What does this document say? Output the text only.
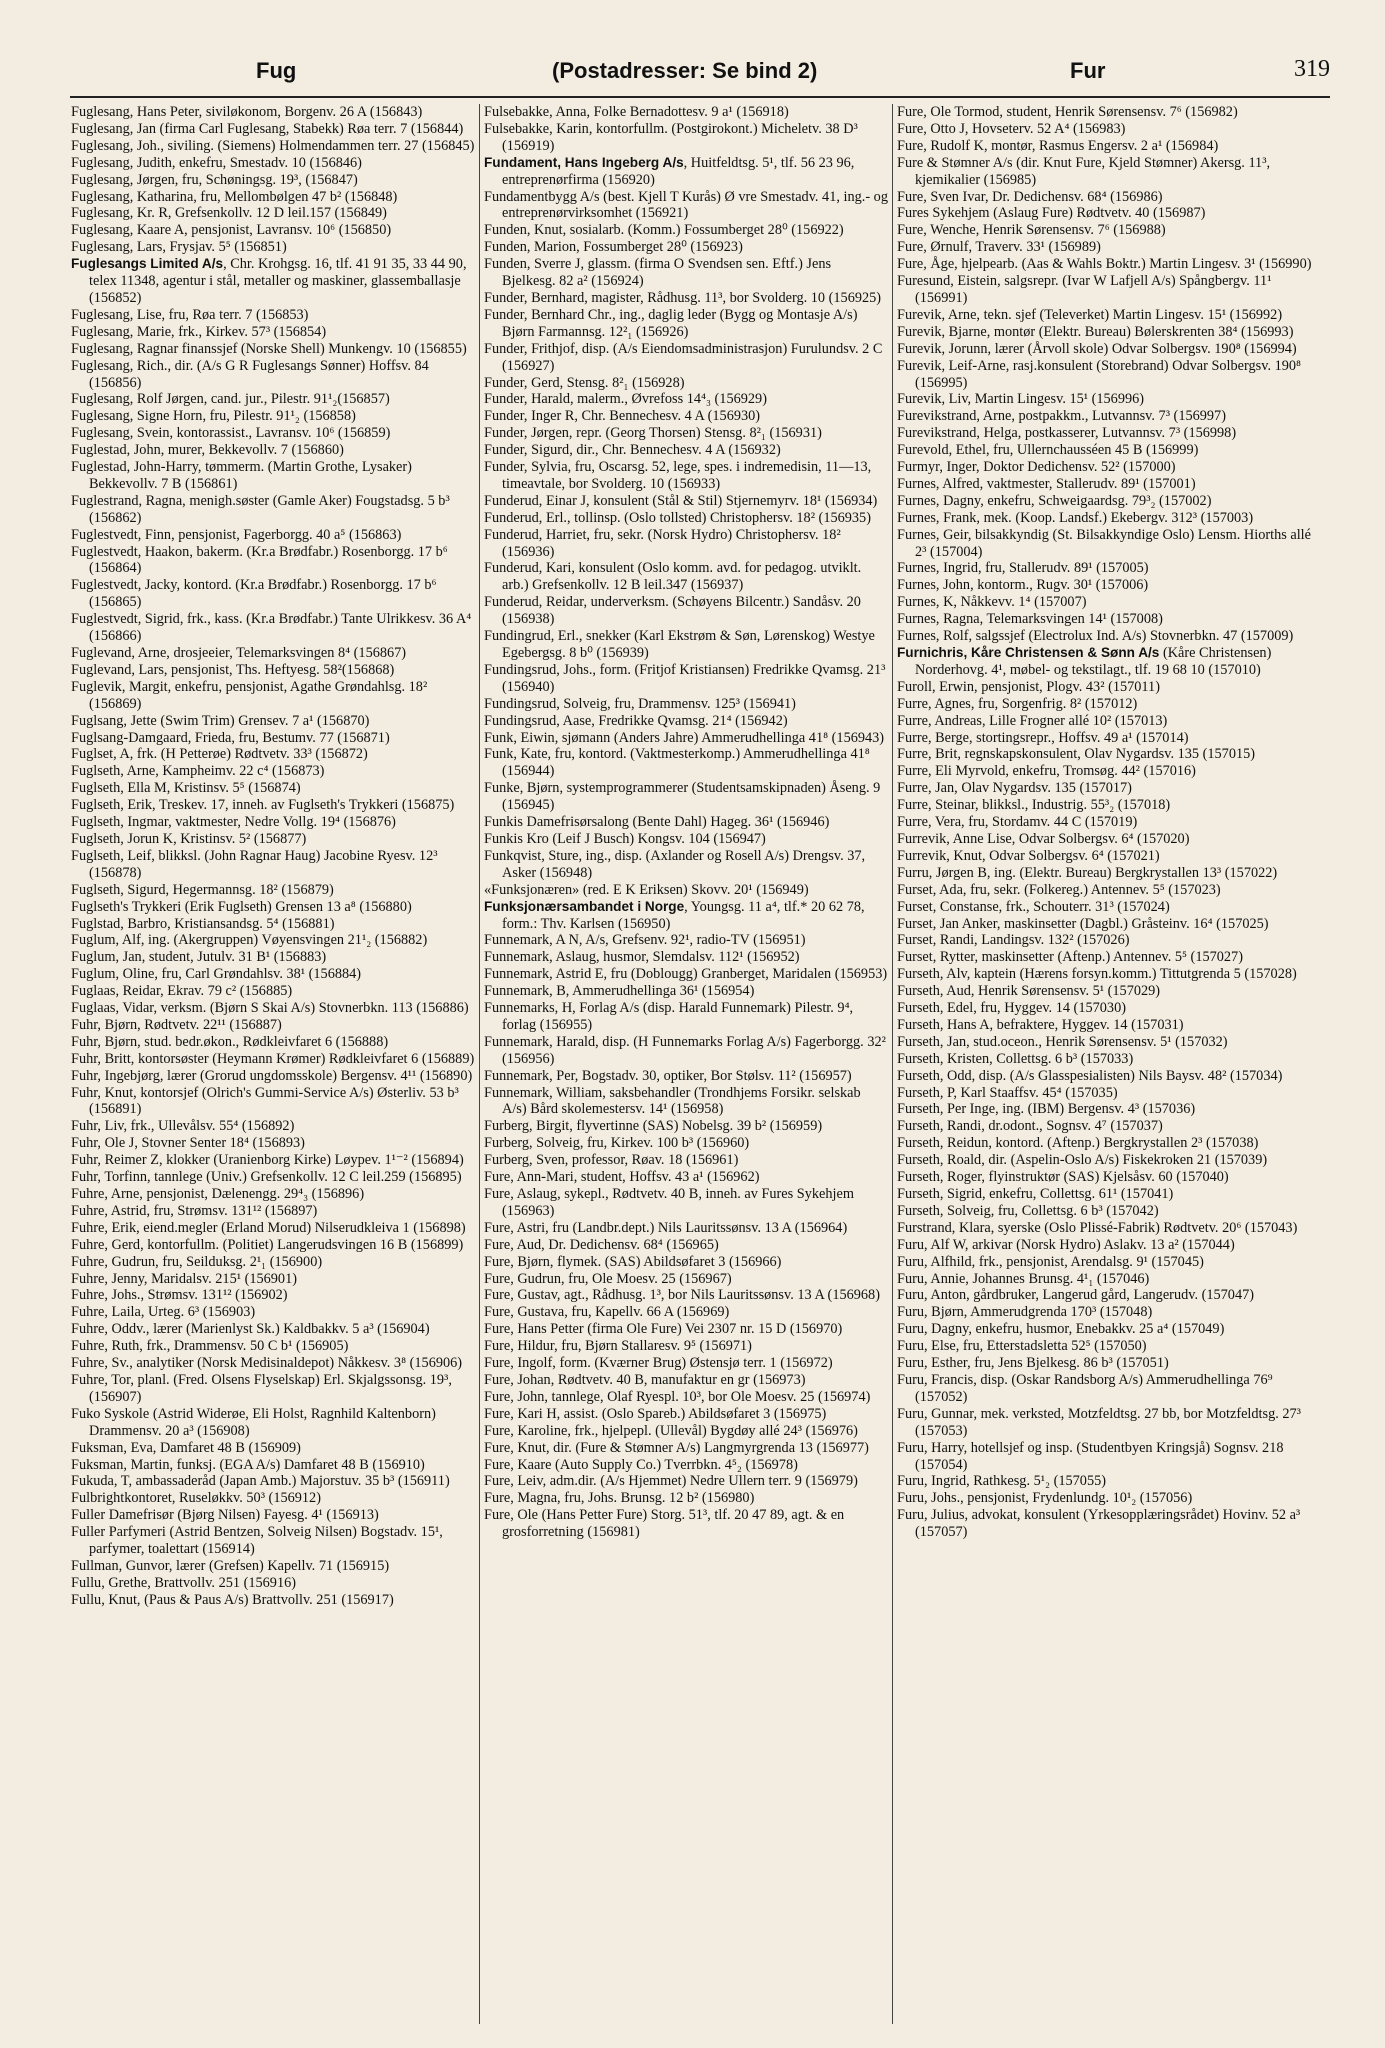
Fug	(Postadresser: Se bind 2)	Fur	319

Fuglesang, Hans Peter, siviløkonom, Borgenv. 26 A (156843)

Fuglesang, Jan (firma Carl Fuglesang, Stabekk) Røa terr. 7 (156844)

Fuglesang, Joh., siviling. (Siemens) Holmendammen terr. 27 (156845)

Fuglesang, Judith, enkefru, Smestadv. 10 (156846)

Fuglesang, Jørgen, fru, Schøningsg. 19³, (156847)

Fuglesang, Katharina, fru, Mellombølgen 47 b² (156848)

Fuglesang, Kr. R, Grefsenkollv. 12 D leil.157 (156849)

Fuglesang, Kaare A, pensjonist, Lavransv. 10⁶ (156850)

Fuglesang, Lars, Frysjav. 5⁵ (156851)

Fuglesangs Limited A/s, Chr. Krohgsg. 16, tlf. 41 91 35, 33 44 90, telex 11348, agentur i stål, metaller og maskiner, glassemballasje (156852)

Fuglesang, Lise, fru, Røa terr. 7 (156853)

Fuglesang, Marie, frk., Kirkev. 57³ (156854)

Fuglesang, Ragnar finanssjef (Norske Shell) Munkengv. 10 (156855)

Fuglesang, Rich., dir. (A/s G R Fuglesangs Sønner) Hoffsv. 84 (156856)

Fuglesang, Rolf Jørgen, cand. jur., Pilestr. 91¹₂(156857)

Fuglesang, Signe Horn, fru, Pilestr. 91¹₂ (156858)

Fuglesang, Svein, kontorassist., Lavransv. 10⁶ (156859)

Fuglestad, John, murer, Bekkevollv. 7 (156860)

Fuglestad, John-Harry, tømmerm. (Martin Grothe, Lysaker) Bekkevollv. 7 B (156861)

Fuglestrand, Ragna, menigh.søster (Gamle Aker) Fougstadsg. 5 b³ (156862)

Fuglestvedt, Finn, pensjonist, Fagerborgg. 40 a⁵ (156863)

Fuglestvedt, Haakon, bakerm. (Kr.a Brødfabr.) Rosenborgg. 17 b⁶ (156864)

Fuglestvedt, Jacky, kontord. (Kr.a Brødfabr.) Rosenborgg. 17 b⁶ (156865)

Fuglestvedt, Sigrid, frk., kass. (Kr.a Brødfabr.) Tante Ulrikkesv. 36 A⁴ (156866)

Fuglevand, Arne, drosjeeier, Telemarksvingen 8⁴ (156867)

Fuglevand, Lars, pensjonist, Ths. Heftyesg. 58²(156868)

Fuglevik, Margit, enkefru, pensjonist, Agathe Grøndahlsg. 18² (156869)

Fuglsang, Jette (Swim Trim) Grensev. 7 a¹ (156870)

Fuglsang-Damgaard, Frieda, fru, Bestumv. 77 (156871)

Fuglset, A, frk. (H Petterøe) Rødtvetv. 33³ (156872)

Fuglseth, Arne, Kampheimv. 22 c⁴ (156873)

Fuglseth, Ella M, Kristinsv. 5⁵ (156874)

Fuglseth, Erik, Treskev. 17, inneh. av Fuglseth's Trykkeri (156875)

Fuglseth, Ingmar, vaktmester, Nedre Vollg. 19⁴ (156876)

Fuglseth, Jorun K, Kristinsv. 5² (156877)

Fuglseth, Leif, blikksl. (John Ragnar Haug) Jacobine Ryesv. 12³ (156878)

Fuglseth, Sigurd, Hegermannsg. 18² (156879)

Fuglseth's Trykkeri (Erik Fuglseth) Grensen 13 a⁸ (156880)

Fuglstad, Barbro, Kristiansandsg. 5⁴ (156881)

Fuglum, Alf, ing. (Akergruppen) Vøyensvingen 21¹₂ (156882)

Fuglum, Jan, student, Jutulv. 31 B¹ (156883)

Fuglum, Oline, fru, Carl Grøndahlsv. 38¹ (156884)

Fuglaas, Reidar, Ekrav. 79 c² (156885)

Fuglaas, Vidar, verksm. (Bjørn S Skai A/s) Stovnerbkn. 113 (156886)

Fuhr, Bjørn, Rødtvetv. 22¹¹ (156887)

Fuhr, Bjørn, stud. bedr.økon., Rødkleivfaret 6 (156888)

Fuhr, Britt, kontorsøster (Heymann Krømer) Rødkleivfaret 6 (156889)

Fuhr, Ingebjørg, lærer (Grorud ungdomsskole) Bergensv. 4¹¹ (156890)

Fuhr, Knut, kontorsjef (Olrich's Gummi-Service A/s) Østerliv. 53 b³ (156891)

Fuhr, Liv, frk., Ullevålsv. 55⁴ (156892)

Fuhr, Ole J, Stovner Senter 18⁴ (156893)

Fuhr, Reimer Z, klokker (Uranienborg Kirke) Løypev. 1¹⁻² (156894)

Fuhr, Torfinn, tannlege (Univ.) Grefsenkollv. 12 C leil.259 (156895)

Fuhre, Arne, pensjonist, Dælenengg. 29⁴₃ (156896)

Fuhre, Astrid, fru, Strømsv. 131¹² (156897)

Fuhre, Erik, eiend.megler (Erland Morud) Nilserudkleiva 1 (156898)

Fuhre, Gerd, kontorfullm. (Politiet) Langerudsvingen 16 B (156899)

Fuhre, Gudrun, fru, Seilduksg. 2¹₁ (156900)

Fuhre, Jenny, Maridalsv. 215¹ (156901)

Fuhre, Johs., Strømsv. 131¹² (156902)

Fuhre, Laila, Urteg. 6³ (156903)

Fuhre, Oddv., lærer (Marienlyst Sk.) Kaldbakkv. 5 a³ (156904)

Fuhre, Ruth, frk., Drammensv. 50 C b¹ (156905)

Fuhre, Sv., analytiker (Norsk Medisinaldepot) Nåkkesv. 3⁸ (156906)

Fuhre, Tor, planl. (Fred. Olsens Flyselskap) Erl. Skjalgssonsg. 19³, (156907)

Fuko Syskole (Astrid Widerøe, Eli Holst, Ragnhild Kaltenborn) Drammensv. 20 a³ (156908)

Fuksman, Eva, Damfaret 48 B (156909)

Fuksman, Martin, funksj. (EGA A/s) Damfaret 48 B (156910)

Fukuda, T, ambassaderåd (Japan Amb.) Majorstuv. 35 b³ (156911)

Fulbrightkontoret, Ruseløkkv. 50³ (156912)

Fuller Damefrisør (Bjørg Nilsen) Fayesg. 4¹ (156913)

Fuller Parfymeri (Astrid Bentzen, Solveig Nilsen) Bogstadv. 15¹, parfymer, toalettart (156914)

Fullman, Gunvor, lærer (Grefsen) Kapellv. 71 (156915)

Fullu, Grethe, Brattvollv. 251 (156916)

Fullu, Knut, (Paus & Paus A/s) Brattvollv. 251 (156917)

Fulsebakke, Anna, Folke Bernadottesv. 9 a¹ (156918)

Fulsebakke, Karin, kontorfullm. (Postgirokont.) Micheletv. 38 D³ (156919)

Fundament, Hans Ingeberg A/s, Huitfeldtsg. 5¹, tlf. 56 23 96, entreprenørfirma (156920)

Fundamentbygg A/s (best. Kjell T Kurås) Ø vre Smestadv. 41, ing.- og entreprenørvirksomhet (156921)

Funden, Knut, sosialarb. (Komm.) Fossumberget 28⁰ (156922)

Funden, Marion, Fossumberget 28⁰ (156923)

Funden, Sverre J, glassm. (firma O Svendsen sen. Eftf.) Jens Bjelkesg. 82 a² (156924)

Funder, Bernhard, magister, Rådhusg. 11³, bor Svolderg. 10 (156925)

Funder, Bernhard Chr., ing., daglig leder (Bygg og Montasje A/s) Bjørn Farmannsg. 12²₁ (156926)

Funder, Frithjof, disp. (A/s Eiendomsadministrasjon) Furulundsv. 2 C (156927)

Funder, Gerd, Stensg. 8²₁ (156928)

Funder, Harald, malerm., Øvrefoss 14⁴₃ (156929)

Funder, Inger R, Chr. Bennechesv. 4 A (156930)

Funder, Jørgen, repr. (Georg Thorsen) Stensg. 8²₁ (156931)

Funder, Sigurd, dir., Chr. Bennechesv. 4 A (156932)

Funder, Sylvia, fru, Oscarsg. 52, lege, spes. i indremedisin, 11—13, timeavtale, bor Svolderg. 10 (156933)

Funderud, Einar J, konsulent (Stål & Stil) Stjernemyrv. 18¹ (156934)

Funderud, Erl., tollinsp. (Oslo tollsted) Christophersv. 18² (156935)

Funderud, Harriet, fru, sekr. (Norsk Hydro) Christophersv. 18² (156936)

Funderud, Kari, konsulent (Oslo komm. avd. for pedagog. utviklt. arb.) Grefsenkollv. 12 B leil.347 (156937)

Funderud, Reidar, underverksm. (Schøyens Bilcentr.) Sandåsv. 20 (156938)

Fundingrud, Erl., snekker (Karl Ekstrøm & Søn, Lørenskog) Westye Egebergsg. 8 b⁰ (156939)

Fundingsrud, Johs., form. (Fritjof Kristiansen) Fredrikke Qvamsg. 21³ (156940)

Fundingsrud, Solveig, fru, Drammensv. 125³ (156941)

Fundingsrud, Aase, Fredrikke Qvamsg. 21⁴ (156942)

Funk, Eiwin, sjømann (Anders Jahre) Ammerudhellinga 41⁸ (156943)

Funk, Kate, fru, kontord. (Vaktmesterkomp.) Ammerudhellinga 41⁸ (156944)

Funke, Bjørn, systemprogrammerer (Studentsamskipnaden) Åseng. 9 (156945)

Funkis Damefrisørsalong (Bente Dahl) Hageg. 36¹ (156946)

Funkis Kro (Leif J Busch) Kongsv. 104 (156947)

Funkqvist, Sture, ing., disp. (Axlander og Rosell A/s) Drengsv. 37, Asker (156948)

«Funksjonæren» (red. E K Eriksen) Skovv. 20¹ (156949)

Funksjonærsambandet i Norge, Youngsg. 11 a⁴, tlf.* 20 62 78, form.: Thv. Karlsen (156950)

Funnemark, A N, A/s, Grefsenv. 92¹, radio-TV (156951)

Funnemark, Aslaug, husmor, Slemdalsv. 112¹ (156952)

Funnemark, Astrid E, fru (Doblougg) Granberget, Maridalen (156953)

Funnemark, B, Ammerudhellinga 36¹ (156954)

Funnemarks, H, Forlag A/s (disp. Harald Funnemark) Pilestr. 9⁴, forlag (156955)

Funnemark, Harald, disp. (H Funnemarks Forlag A/s) Fagerborgg. 32² (156956)

Funnemark, Per, Bogstadv. 30, optiker, Bor Stølsv. 11² (156957)

Funnemark, William, saksbehandler (Trondhjems Forsikr. selskab A/s) Bård skolemestersv. 14¹ (156958)

Furberg, Birgit, flyvertinne (SAS) Nobelsg. 39 b² (156959)

Furberg, Solveig, fru, Kirkev. 100 b³ (156960)

Furberg, Sven, professor, Røav. 18 (156961)

Fure, Ann-Mari, student, Hoffsv. 43 a¹ (156962)

Fure, Aslaug, sykepl., Rødtvetv. 40 B, inneh. av Fures Sykehjem (156963)

Fure, Astri, fru (Landbr.dept.) Nils Lauritssønsv. 13 A (156964)

Fure, Aud, Dr. Dedichensv. 68⁴ (156965)

Fure, Bjørn, flymek. (SAS) Abildsøfaret 3 (156966)

Fure, Gudrun, fru, Ole Moesv. 25 (156967)

Fure, Gustav, agt., Rådhusg. 1³, bor Nils Lauritssønsv. 13 A (156968)

Fure, Gustava, fru, Kapellv. 66 A (156969)

Fure, Hans Petter (firma Ole Fure) Vei 2307 nr. 15 D (156970)

Fure, Hildur, fru, Bjørn Stallaresv. 9⁵ (156971)

Fure, Ingolf, form. (Kværner Brug) Østensjø terr. 1 (156972)

Fure, Johan, Rødtvetv. 40 B, manufaktur en gr (156973)

Fure, John, tannlege, Olaf Ryespl. 10³, bor Ole Moesv. 25 (156974)

Fure, Kari H, assist. (Oslo Spareb.) Abildsøfaret 3 (156975)

Fure, Karoline, frk., hjelpepl. (Ullevål) Bygdøy allé 24³ (156976)

Fure, Knut, dir. (Fure & Stømner A/s) Langmyrgrenda 13 (156977)

Fure, Kaare (Auto Supply Co.) Tverrbkn. 4⁵₂ (156978)

Fure, Leiv, adm.dir. (A/s Hjemmet) Nedre Ullern terr. 9 (156979)

Fure, Magna, fru, Johs. Brunsg. 12 b² (156980)

Fure, Ole (Hans Petter Fure) Storg. 51³, tlf. 20 47 89, agt. & en grosforretning (156981)

Fure, Ole Tormod, student, Henrik Sørensensv. 7⁶ (156982)

Fure, Otto J, Hovseterv. 52 A⁴ (156983)

Fure, Rudolf K, montør, Rasmus Engersv. 2 a¹ (156984)

Fure & Stømner A/s (dir. Knut Fure, Kjeld Stømner) Akersg. 11³, kjemikalier (156985)

Fure, Sven Ivar, Dr. Dedichensv. 68⁴ (156986)

Fures Sykehjem (Aslaug Fure) Rødtvetv. 40 (156987)

Fure, Wenche, Henrik Sørensensv. 7⁶ (156988)

Fure, Ørnulf, Traverv. 33¹ (156989)

Fure, Åge, hjelpearb. (Aas & Wahls Boktr.) Martin Lingesv. 3¹ (156990)

Furesund, Eistein, salgsrepr. (Ivar W Lafjell A/s) Spångbergv. 11¹ (156991)

Furevik, Arne, tekn. sjef (Televerket) Martin Lingesv. 15¹ (156992)

Furevik, Bjarne, montør (Elektr. Bureau) Bølerskrenten 38⁴ (156993)

Furevik, Jorunn, lærer (Årvoll skole) Odvar Solbergsv. 190⁸ (156994)

Furevik, Leif-Arne, rasj.konsulent (Storebrand) Odvar Solbergsv. 190⁸ (156995)

Furevik, Liv, Martin Lingesv. 15¹ (156996)

Furevikstrand, Arne, postpakkm., Lutvannsv. 7³ (156997)

Furevikstrand, Helga, postkasserer, Lutvannsv. 7³ (156998)

Furevold, Ethel, fru, Ullernchausséen 45 B (156999)

Furmyr, Inger, Doktor Dedichensv. 52² (157000)

Furnes, Alfred, vaktmester, Stallerudv. 89¹ (157001)

Furnes, Dagny, enkefru, Schweigaardsg. 79³₂ (157002)

Furnes, Frank, mek. (Koop. Landsf.) Ekebergv. 312³ (157003)

Furnes, Geir, bilsakkyndig (St. Bilsakkyndige Oslo) Lensm. Hiorths allé 2³ (157004)

Furnes, Ingrid, fru, Stallerudv. 89¹ (157005)

Furnes, John, kontorm., Rugv. 30¹ (157006)

Furnes, K, Nåkkevv. 1⁴ (157007)

Furnes, Ragna, Telemarksvingen 14¹ (157008)

Furnes, Rolf, salgssjef (Electrolux Ind. A/s) Stovnerbkn. 47 (157009)

Furnichris, Kåre Christensen & Sønn A/s (Kåre Christensen) Norderhovg. 4¹, møbel- og tekstilagt., tlf. 19 68 10 (157010)

Furoll, Erwin, pensjonist, Plogv. 43² (157011)

Furre, Agnes, fru, Sorgenfrig. 8² (157012)

Furre, Andreas, Lille Frogner allé 10² (157013)

Furre, Berge, stortingsrepr., Hoffsv. 49 a¹ (157014)

Furre, Brit, regnskapskonsulent, Olav Nygardsv. 135 (157015)

Furre, Eli Myrvold, enkefru, Tromsøg. 44² (157016)

Furre, Jan, Olav Nygardsv. 135 (157017)

Furre, Steinar, blikksl., Industrig. 55³₂ (157018)

Furre, Vera, fru, Stordamv. 44 C (157019)

Furrevik, Anne Lise, Odvar Solbergsv. 6⁴ (157020)

Furrevik, Knut, Odvar Solbergsv. 6⁴ (157021)

Furru, Jørgen B, ing. (Elektr. Bureau) Bergkrystallen 13³ (157022)

Furset, Ada, fru, sekr. (Folkereg.) Antennev. 5⁵ (157023)

Furset, Constanse, frk., Schouterr. 31³ (157024)

Furset, Jan Anker, maskinsetter (Dagbl.) Gråsteinv. 16⁴ (157025)

Furset, Randi, Landingsv. 132² (157026)

Furset, Rytter, maskinsetter (Aftenp.) Antennev. 5⁵ (157027)

Furseth, Alv, kaptein (Hærens forsyn.komm.) Tittutgrenda 5 (157028)

Furseth, Aud, Henrik Sørensensv. 5¹ (157029)

Furseth, Edel, fru, Hyggev. 14 (157030)

Furseth, Hans A, befraktere, Hyggev. 14 (157031)

Furseth, Jan, stud.oceon., Henrik Sørensensv. 5¹ (157032)

Furseth, Kristen, Collettsg. 6 b³ (157033)

Furseth, Odd, disp. (A/s Glasspesialisten) Nils Baysv. 48² (157034)

Furseth, P, Karl Staaffsv. 45⁴ (157035)

Furseth, Per Inge, ing. (IBM) Bergensv. 4³ (157036)

Furseth, Randi, dr.odont., Sognsv. 4⁷ (157037)

Furseth, Reidun, kontord. (Aftenp.) Bergkrystallen 2³ (157038)

Furseth, Roald, dir. (Aspelin-Oslo A/s) Fiskekroken 21 (157039)

Furseth, Roger, flyinstruktør (SAS) Kjelsåsv. 60 (157040)

Furseth, Sigrid, enkefru, Collettsg. 61¹ (157041)

Furseth, Solveig, fru, Collettsg. 6 b³ (157042)

Furstrand, Klara, syerske (Oslo Plissé-Fabrik) Rødtvetv. 20⁶ (157043)

Furu, Alf W, arkivar (Norsk Hydro) Aslakv. 13 a² (157044)

Furu, Alfhild, frk., pensjonist, Arendalsg. 9¹ (157045)

Furu, Annie, Johannes Brunsg. 4¹₁ (157046)

Furu, Anton, gårdbruker, Langerud gård, Langerudv. (157047)

Furu, Bjørn, Ammerudgrenda 170³ (157048)

Furu, Dagny, enkefru, husmor, Enebakkv. 25 a⁴ (157049)

Furu, Else, fru, Etterstadsletta 52⁵ (157050)

Furu, Esther, fru, Jens Bjelkesg. 86 b³ (157051)

Furu, Francis, disp. (Oskar Randsborg A/s) Ammerudhellinga 76⁹ (157052)

Furu, Gunnar, mek. verksted, Motzfeldtsg. 27 bb, bor Motzfeldtsg. 27³ (157053)

Furu, Harry, hotellsjef og insp. (Studentbyen Kringsjå) Sognsv. 218 (157054)

Furu, Ingrid, Rathkesg. 5¹₂ (157055)

Furu, Johs., pensjonist, Frydenlundg. 10¹₂ (157056)

Furu, Julius, advokat, konsulent (Yrkesopplæringsrådet) Hovinv. 52 a³ (157057)
